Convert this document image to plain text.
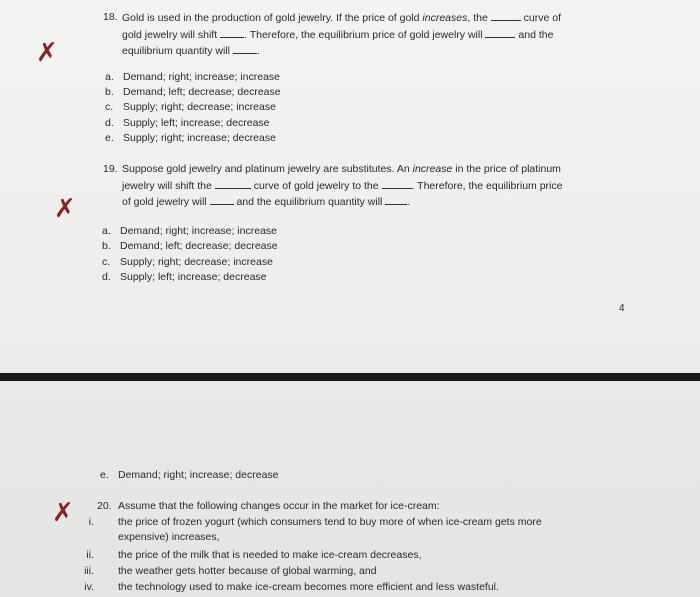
✗
18. Gold is used in the production of gold jewelry. If the price of gold increases, the	curve of
gold jewelry will shift . Therefore, the equilibrium price of gold jewelry will	and the
equilibrium quantity will .
a. Demand; right; increase; increase
b. Demand; left; decrease; decrease
c. Supply; right; decrease; increase
d. Supply; left; increase; decrease
e. Supply; right; increase; decrease
✗
19. Suppose gold jewelry and platinum jewelry are substitutes. An increase in the price of platinum
jewelry will shift the	curve of gold jewelry to the	. Therefore, the equilibrium price
of gold jewelry will  and the equilibrium quantity will .
a. Demand; right; increase; increase
b. Demand; left; decrease; decrease
c. Supply; right; decrease; increase
d. Supply; left; increase; decrease
4
e. Demand; right; increase; decrease
✗ 20. Assume that the following changes occur in the market for ice-cream:
i. the price of frozen yogurt (which consumers tend to buy more of when ice-cream gets more
expensive) increases,
ii. the price of the milk that is needed to make ice-cream decreases,
iii. the weather gets hotter because of global warming, and
iv. the technology used to make ice-cream becomes more efficient and less wasteful.
